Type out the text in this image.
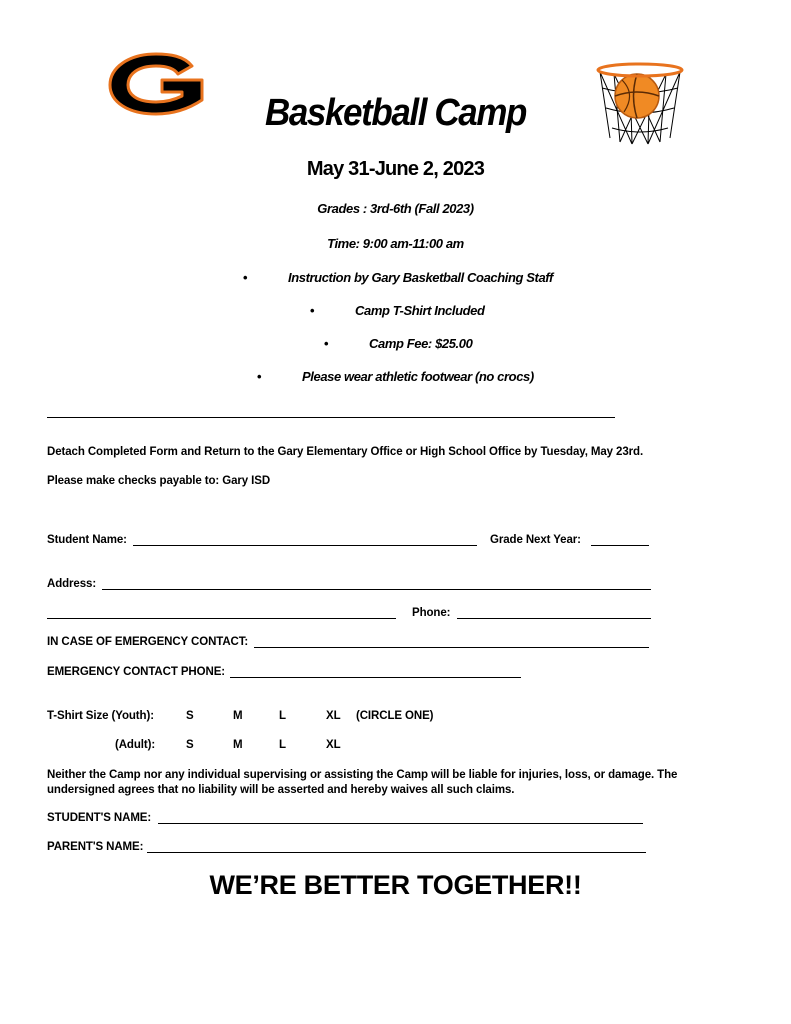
Basketball Camp
May 31-June 2, 2023
Grades : 3rd-6th (Fall 2023)
Time: 9:00 am-11:00 am
•	Instruction by Gary Basketball Coaching Staff
•	Camp T-Shirt Included
•	Camp Fee: $25.00
•	Please wear athletic footwear (no crocs)
Detach Completed Form and Return to the Gary Elementary Office or High School Office by Tuesday, May 23rd.
Please make checks payable to: Gary ISD
Student Name:	Grade Next Year:
Address:
Phone:
IN CASE OF EMERGENCY CONTACT:
EMERGENCY CONTACT PHONE:
T-Shirt Size (Youth):	S	M	L	XL (CIRCLE ONE)
(Adult):	S	M	L	XL
Neither the Camp nor any individual supervising or assisting the Camp will be liable for injuries, loss, or damage. The undersigned agrees that no liability will be asserted and hereby waives all such claims.
STUDENT'S NAME:
PARENT'S NAME:
WE’RE BETTER TOGETHER!!
